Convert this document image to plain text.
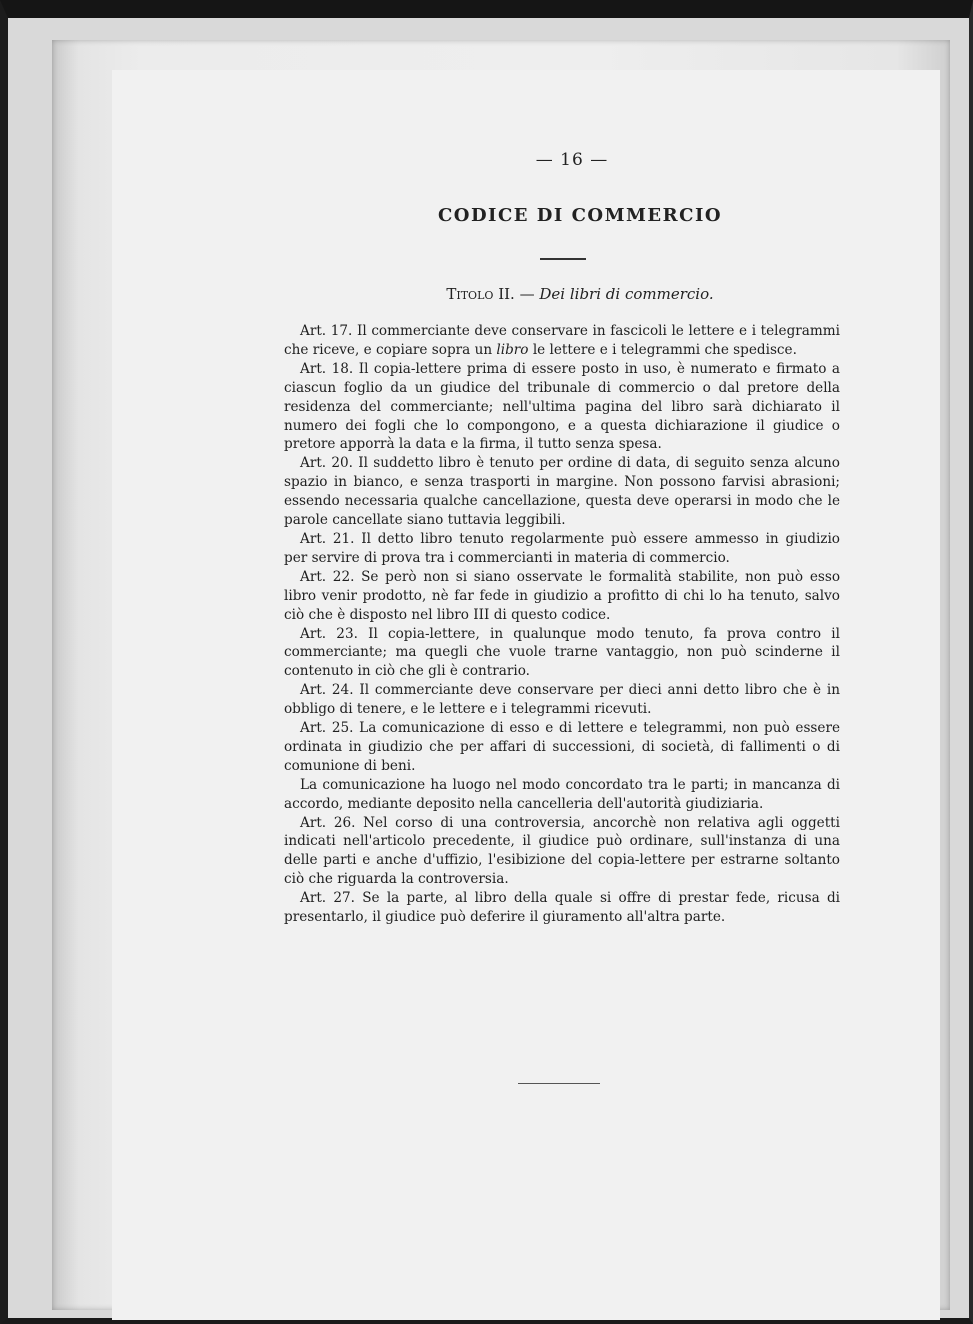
— 16 —
CODICE DI COMMERCIO
Titolo II. — Dei libri di commercio.

Art. 17. Il commerciante deve conservare in fascicoli le lettere e i telegrammi che riceve, e copiare sopra un libro le lettere e i telegrammi che spedisce.

Art. 18. Il copia-lettere prima di essere posto in uso, è numerato e firmato a ciascun foglio da un giudice del tribunale di commercio o dal pretore della residenza del commerciante; nell'ultima pagina del libro sarà dichiarato il numero dei fogli che lo compongono, e a questa dichiarazione il giudice o pretore apporrà la data e la firma, il tutto senza spesa.

Art. 20. Il suddetto libro è tenuto per ordine di data, di seguito senza alcuno spazio in bianco, e senza trasporti in margine. Non possono farvisi abrasioni; essendo necessaria qualche cancellazione, questa deve operarsi in modo che le parole cancellate siano tuttavia leggibili.

Art. 21. Il detto libro tenuto regolarmente può essere ammesso in giudizio per servire di prova tra i commercianti in materia di commercio.

Art. 22. Se però non si siano osservate le formalità stabilite, non può esso libro venir prodotto, nè far fede in giudizio a profitto di chi lo ha tenuto, salvo ciò che è disposto nel libro III di questo codice.

Art. 23. Il copia-lettere, in qualunque modo tenuto, fa prova contro il commerciante; ma quegli che vuole trarne vantaggio, non può scinderne il contenuto in ciò che gli è contrario.

Art. 24. Il commerciante deve conservare per dieci anni detto libro che è in obbligo di tenere, e le lettere e i telegrammi ricevuti.

Art. 25. La comunicazione di esso e di lettere e telegrammi, non può essere ordinata in giudizio che per affari di successioni, di società, di fallimenti o di comunione di beni.

La comunicazione ha luogo nel modo concordato tra le parti; in mancanza di accordo, mediante deposito nella cancelleria dell'autorità giudiziaria.

Art. 26. Nel corso di una controversia, ancorchè non relativa agli oggetti indicati nell'articolo precedente, il giudice può ordinare, sull'instanza di una delle parti e anche d'uffizio, l'esibizione del copia-lettere per estrarne soltanto ciò che riguarda la controversia.

Art. 27. Se la parte, al libro della quale si offre di prestar fede, ricusa di presentarlo, il giudice può deferire il giuramento all'altra parte.
